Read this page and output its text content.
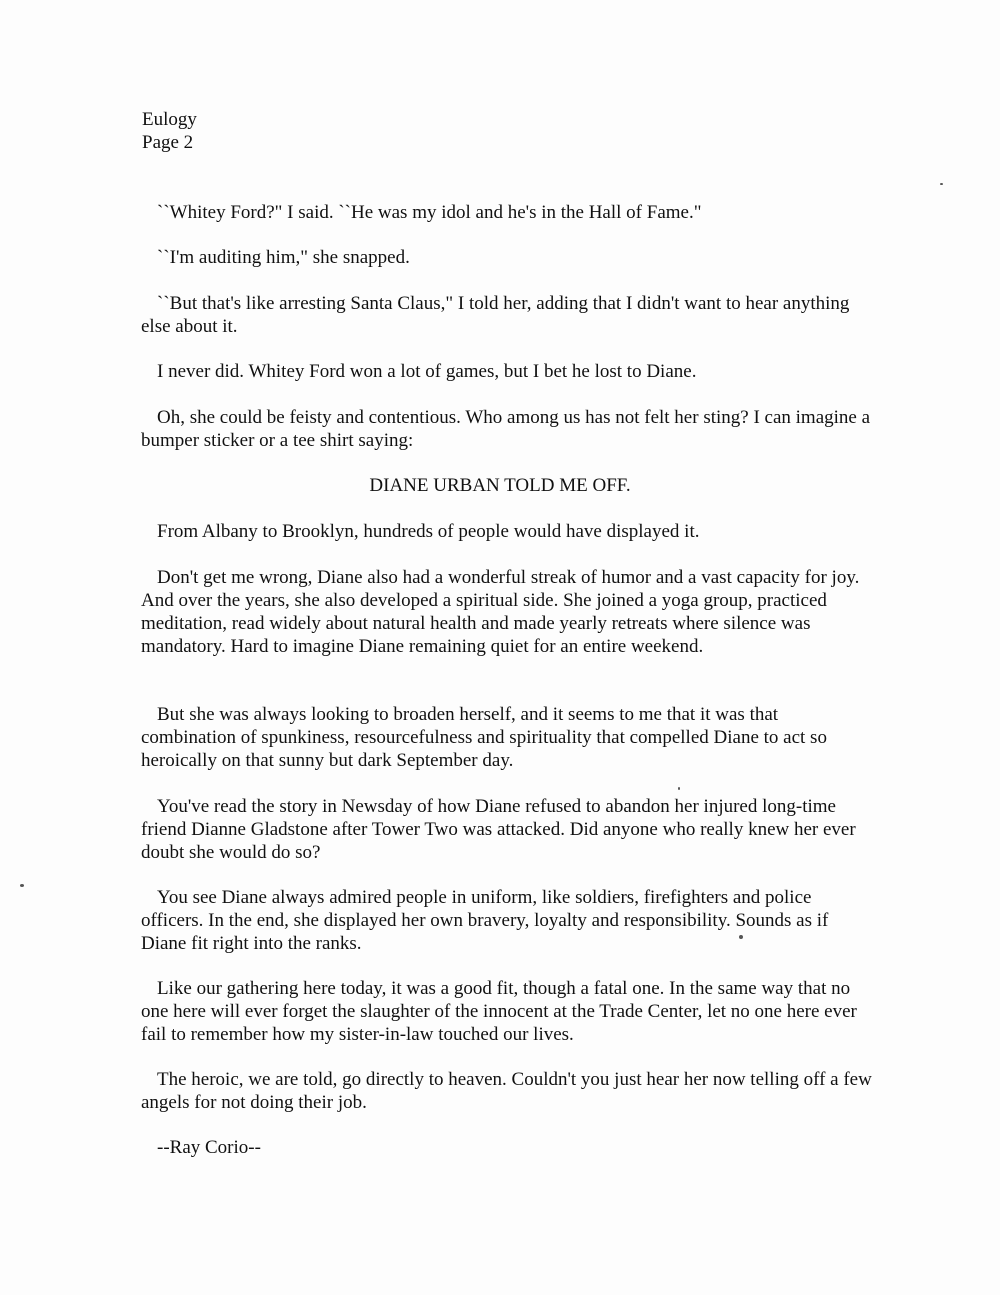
Eulogy
Page 2

``Whitey Ford?" I said. ``He was my idol and he's in the Hall of Fame."

``I'm auditing him," she snapped.

``But that's like arresting Santa Claus," I told her, adding that I didn't want to hear anything else about it.

I never did. Whitey Ford won a lot of games, but I bet he lost to Diane.

Oh, she could be feisty and contentious. Who among us has not felt her sting? I can imagine a bumper sticker or a tee shirt saying:

DIANE URBAN TOLD ME OFF.

From Albany to Brooklyn, hundreds of people would have displayed it.

Don't get me wrong, Diane also had a wonderful streak of humor and a vast capacity for joy. And over the years, she also developed a spiritual side. She joined a yoga group, practiced meditation, read widely about natural health and made yearly retreats where silence was mandatory. Hard to imagine Diane remaining quiet for an entire weekend.

But she was always looking to broaden herself, and it seems to me that it was that combination of spunkiness, resourcefulness and spirituality that compelled Diane to act so heroically on that sunny but dark September day.

You've read the story in Newsday of how Diane refused to abandon her injured long-time friend Dianne Gladstone after Tower Two was attacked. Did anyone who really knew her ever doubt she would do so?

You see Diane always admired people in uniform, like soldiers, firefighters and police officers. In the end, she displayed her own bravery, loyalty and responsibility. Sounds as if Diane fit right into the ranks.

Like our gathering here today, it was a good fit, though a fatal one. In the same way that no one here will ever forget the slaughter of the innocent at the Trade Center, let no one here ever fail to remember how my sister-in-law touched our lives.

The heroic, we are told, go directly to heaven. Couldn't you just hear her now telling off a few angels for not doing their job.

--Ray Corio--
